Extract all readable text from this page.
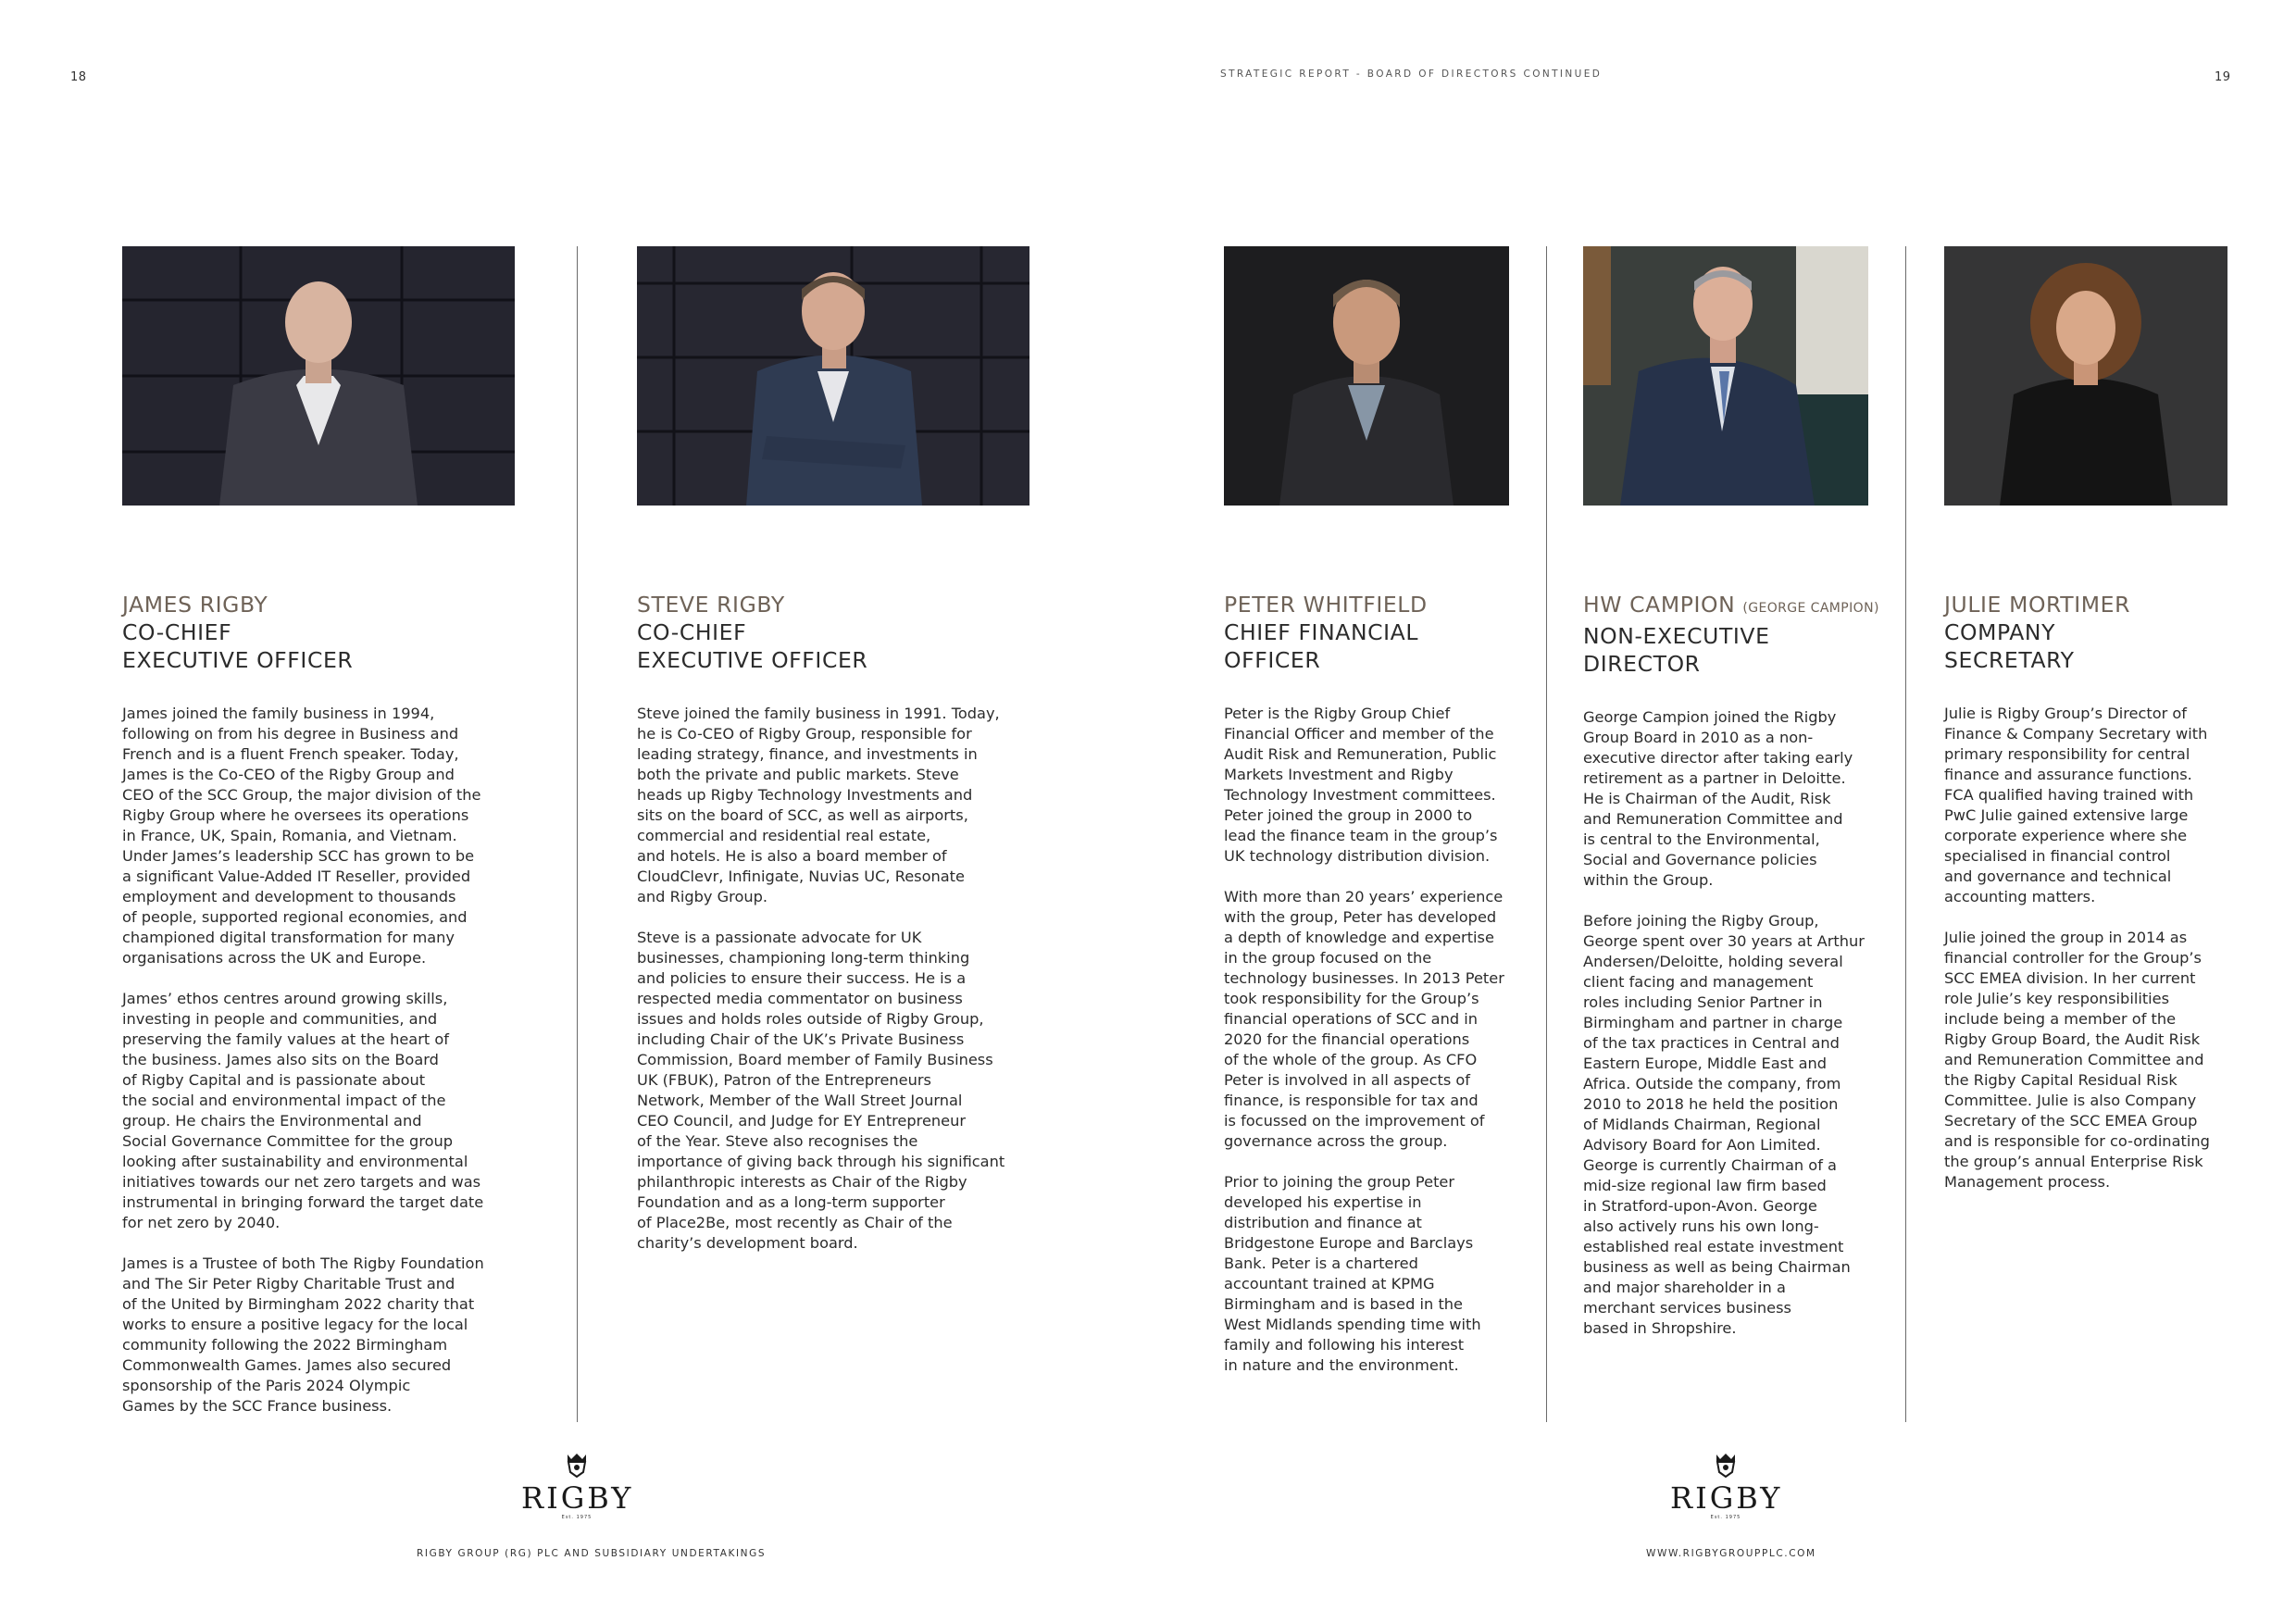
18	STRATEGIC REPORT - BOARD OF DIRECTORS CONTINUED	19
JAMES RIGBY
CO-CHIEF
EXECUTIVE OFFICER

James joined the family business in 1994,
following on from his degree in Business and
French and is a fluent French speaker. Today,
James is the Co-CEO of the Rigby Group and
CEO of the SCC Group, the major division of the
Rigby Group where he oversees its operations
in France, UK, Spain, Romania, and Vietnam.
Under James’s leadership SCC has grown to be
a significant Value-Added IT Reseller, provided
employment and development to thousands
of people, supported regional economies, and
championed digital transformation for many
organisations across the UK and Europe.

James’ ethos centres around growing skills,
investing in people and communities, and
preserving the family values at the heart of
the business. James also sits on the Board
of Rigby Capital and is passionate about
the social and environmental impact of the
group. He chairs the Environmental and
Social Governance Committee for the group
looking after sustainability and environmental
initiatives towards our net zero targets and was
instrumental in bringing forward the target date
for net zero by 2040.

James is a Trustee of both The Rigby Foundation
and The Sir Peter Rigby Charitable Trust and
of the United by Birmingham 2022 charity that
works to ensure a positive legacy for the local
community following the 2022 Birmingham
Commonwealth Games. James also secured
sponsorship of the Paris 2024 Olympic
Games by the SCC France business.

STEVE RIGBY
CO-CHIEF
EXECUTIVE OFFICER

Steve joined the family business in 1991. Today,
he is Co-CEO of Rigby Group, responsible for
leading strategy, finance, and investments in
both the private and public markets. Steve
heads up Rigby Technology Investments and
sits on the board of SCC, as well as airports,
commercial and residential real estate,
and hotels. He is also a board member of
CloudClevr, Infinigate, Nuvias UC, Resonate
and Rigby Group.

Steve is a passionate advocate for UK
businesses, championing long-term thinking
and policies to ensure their success. He is a
respected media commentator on business
issues and holds roles outside of Rigby Group,
including Chair of the UK’s Private Business
Commission, Board member of Family Business
UK (FBUK), Patron of the Entrepreneurs
Network, Member of the Wall Street Journal
CEO Council, and Judge for EY Entrepreneur
of the Year. Steve also recognises the
importance of giving back through his significant
philanthropic interests as Chair of the Rigby
Foundation and as a long-term supporter
of Place2Be, most recently as Chair of the
charity’s development board.

PETER WHITFIELD
CHIEF FINANCIAL
OFFICER

Peter is the Rigby Group Chief
Financial Officer and member of the
Audit Risk and Remuneration, Public
Markets Investment and Rigby
Technology Investment committees.
Peter joined the group in 2000 to
lead the finance team in the group’s
UK technology distribution division.

With more than 20 years’ experience
with the group, Peter has developed
a depth of knowledge and expertise
in the group focused on the
technology businesses. In 2013 Peter
took responsibility for the Group’s
financial operations of SCC and in
2020 for the financial operations
of the whole of the group. As CFO
Peter is involved in all aspects of
finance, is responsible for tax and
is focussed on the improvement of
governance across the group.

Prior to joining the group Peter
developed his expertise in
distribution and finance at
Bridgestone Europe and Barclays
Bank. Peter is a chartered
accountant trained at KPMG
Birmingham and is based in the
West Midlands spending time with
family and following his interest
in nature and the environment.

HW CAMPION (GEORGE CAMPION)
NON-EXECUTIVE
DIRECTOR

George Campion joined the Rigby
Group Board in 2010 as a non-
executive director after taking early
retirement as a partner in Deloitte.
He is Chairman of the Audit, Risk
and Remuneration Committee and
is central to the Environmental,
Social and Governance policies
within the Group.

Before joining the Rigby Group,
George spent over 30 years at Arthur
Andersen/Deloitte, holding several
client facing and management
roles including Senior Partner in
Birmingham and partner in charge
of the tax practices in Central and
Eastern Europe, Middle East and
Africa. Outside the company, from
2010 to 2018 he held the position
of Midlands Chairman, Regional
Advisory Board for Aon Limited.
George is currently Chairman of a
mid-size regional law firm based
in Stratford-upon-Avon. George
also actively runs his own long-
established real estate investment
business as well as being Chairman
and major shareholder in a
merchant services business
based in Shropshire.

JULIE MORTIMER
COMPANY
SECRETARY

Julie is Rigby Group’s Director of
Finance & Company Secretary with
primary responsibility for central
finance and assurance functions.
FCA qualified having trained with
PwC Julie gained extensive large
corporate experience where she
specialised in financial control
and governance and technical
accounting matters.

Julie joined the group in 2014 as
financial controller for the Group’s
SCC EMEA division. In her current
role Julie’s key responsibilities
include being a member of the
Rigby Group Board, the Audit Risk
and Remuneration Committee and
the Rigby Capital Residual Risk
Committee. Julie is also Company
Secretary of the SCC EMEA Group
and is responsible for co-ordinating
the group’s annual Enterprise Risk
Management process.

RIGBY
Est. 1975
RIGBY
Est. 1975
RIGBY GROUP (RG) PLC AND SUBSIDIARY UNDERTAKINGS	WWW.RIGBYGROUPPLC.COM
